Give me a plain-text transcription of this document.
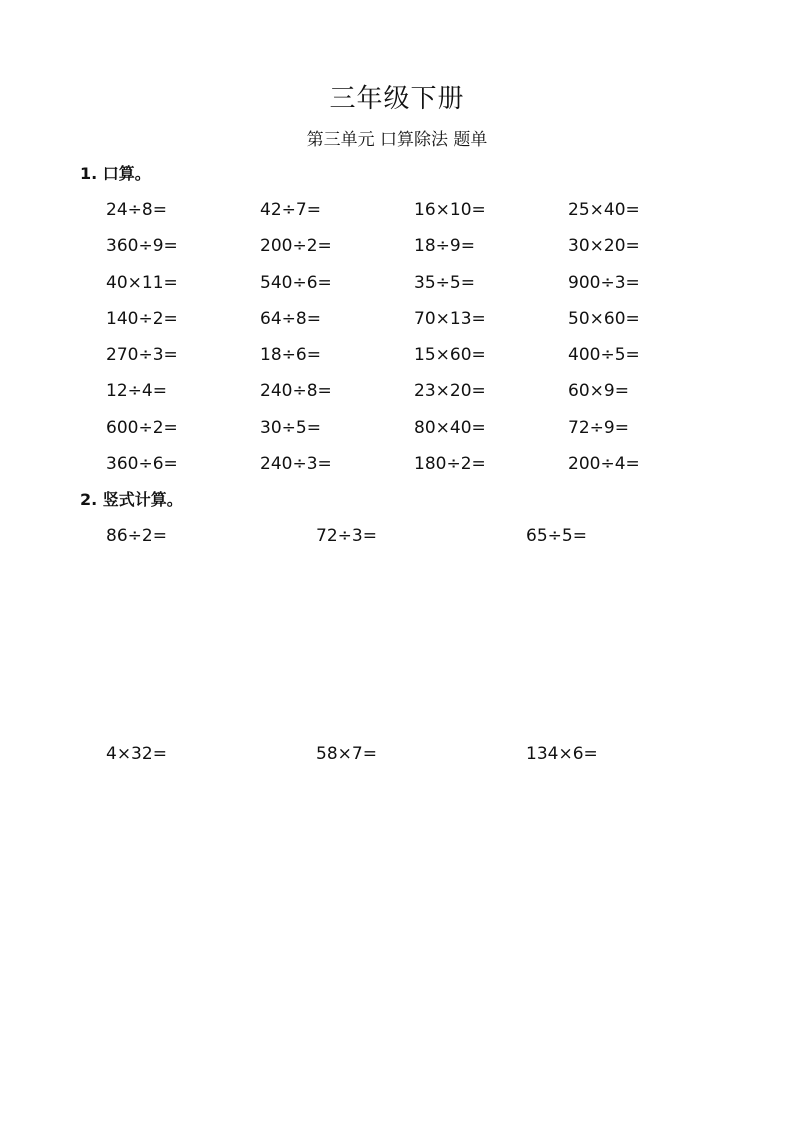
三年级下册
第三单元 口算除法 题单
1. 口算。
24÷8=	42÷7=	16×10=	25×40=
360÷9=	200÷2=	18÷9=	30×20=
40×11=	540÷6=	35÷5=	900÷3=
140÷2=	64÷8=	70×13=	50×60=
270÷3=	18÷6=	15×60=	400÷5=
12÷4=	240÷8=	23×20=	60×9=
600÷2=	30÷5=	80×40=	72÷9=
360÷6=	240÷3=	180÷2=	200÷4=
2. 竖式计算。
86÷2=	72÷3=	65÷5=
4×32=	58×7=	134×6=
